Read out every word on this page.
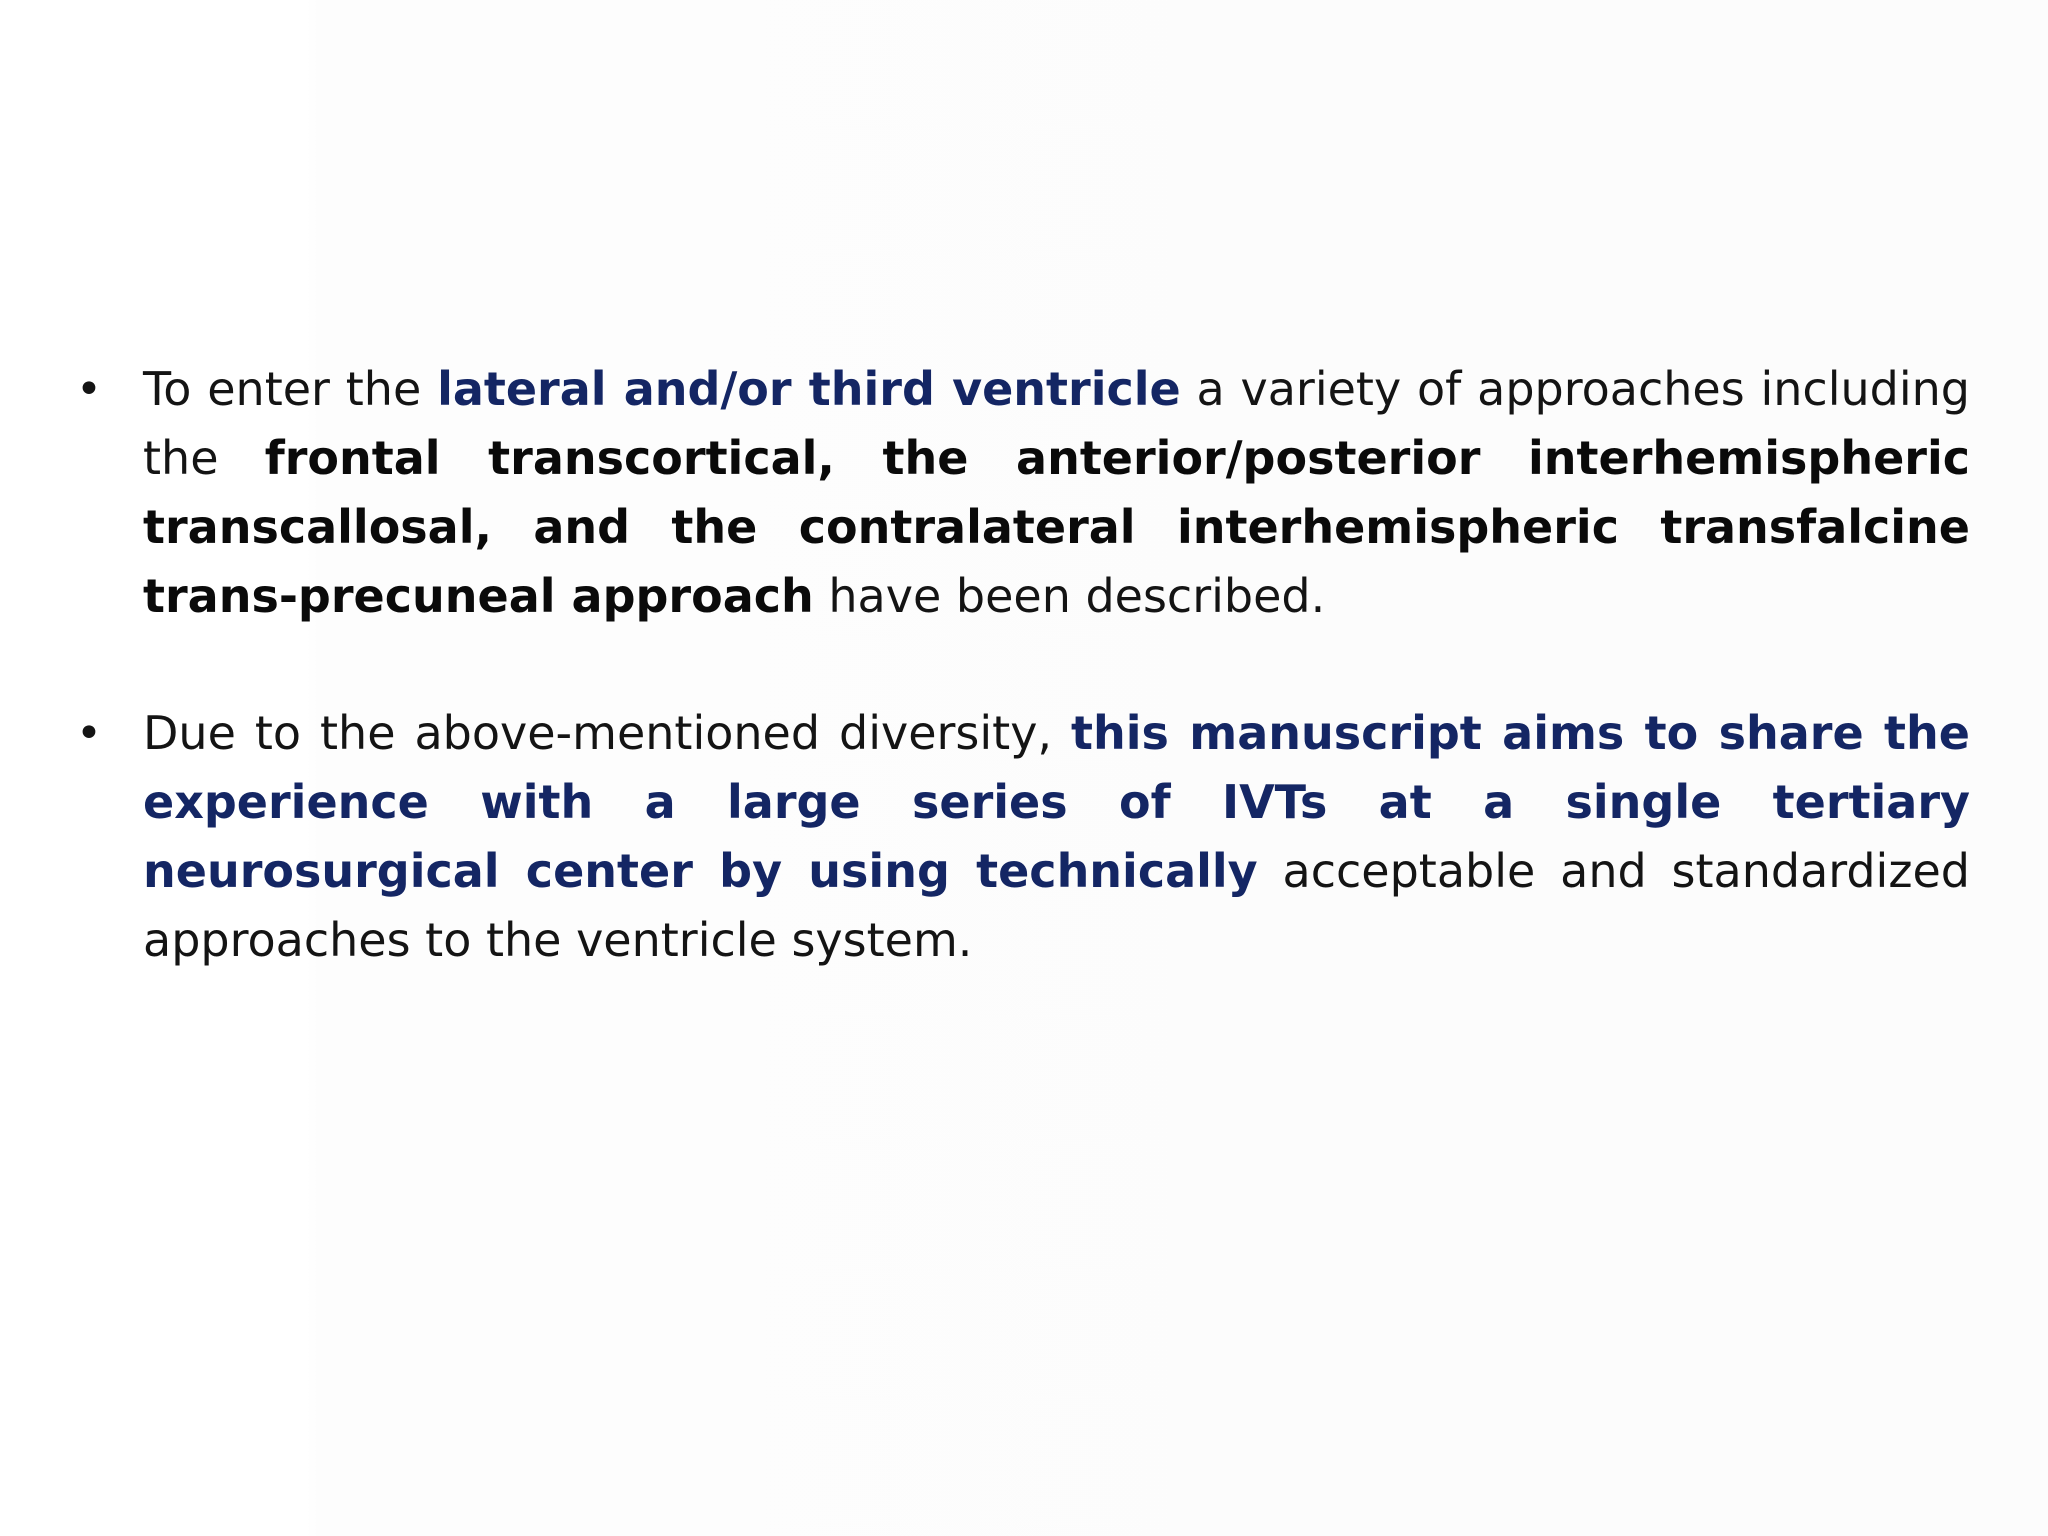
• To enter the lateral and/or third ventricle a variety of approaches including the frontal transcortical, the anterior/posterior interhemispheric transcallosal, and the contralateral interhemispheric transfalcine trans-precuneal approach have been described.
• Due to the above-mentioned diversity, this manuscript aims to share the experience with a large series of IVTs at a single tertiary neurosurgical center by using technically acceptable and standardized approaches to the ventricle system.
